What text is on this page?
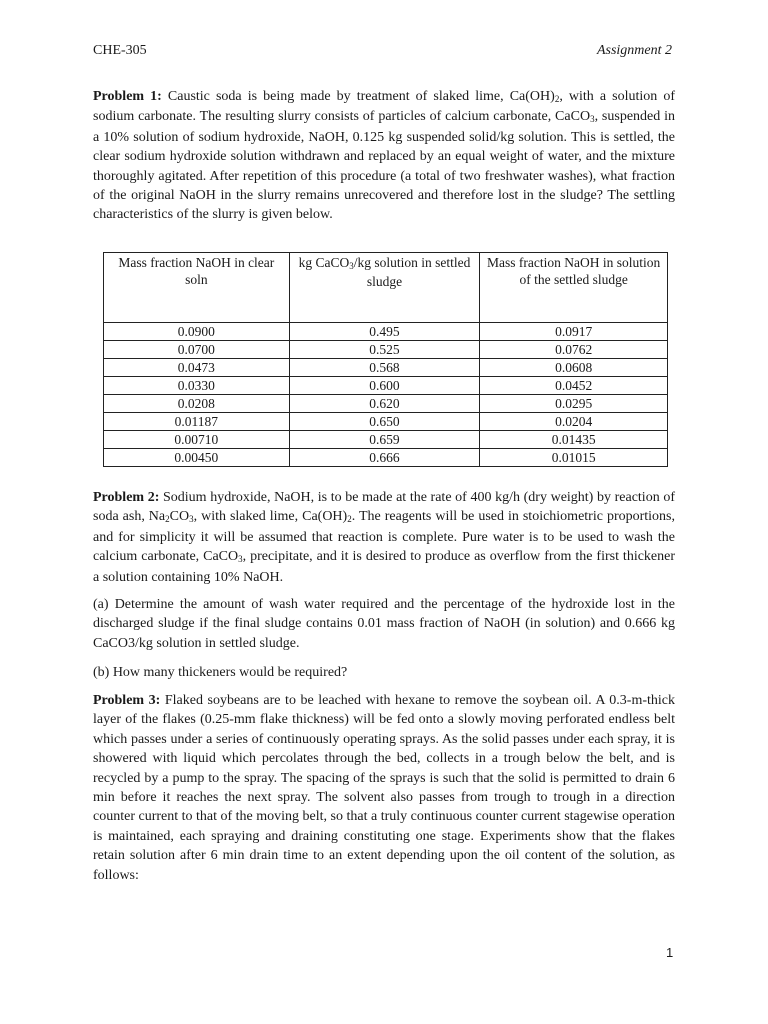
CHE-305	Assignment 2
Problem 1: Caustic soda is being made by treatment of slaked lime, $Ca(OH)_2$, with a solution of sodium carbonate. The resulting slurry consists of particles of calcium carbonate, CaCO$_3$, suspended in a 10% solution of sodium hydroxide, NaOH, 0.125 kg suspended solid/kg solution. This is settled, the clear sodium hydroxide solution withdrawn and replaced by an equal weight of water, and the mixture thoroughly agitated. After repetition of this procedure (a total of two freshwater washes), what fraction of the original NaOH in the slurry remains unrecovered and therefore lost in the sludge? The settling characteristics of the slurry is given below.
Mass fraction NaOH in clear soln	kg CaCO$_3$/kg solution in settled sludge	Mass fraction NaOH in solution of the settled sludge
0.0900	0.495	0.0917
0.0700	0.525	0.0762
0.0473	0.568	0.0608
0.0330	0.600	0.0452
0.0208	0.620	0.0295
0.01187	0.650	0.0204
0.00710	0.659	0.01435
0.00450	0.666	0.01015
Problem 2: Sodium hydroxide, NaOH, is to be made at the rate of 400 kg/h (dry weight) by reaction of soda ash, $Na_2CO_3$, with slaked lime, $Ca(OH)_2$. The reagents will be used in stoichiometric proportions, and for simplicity it will be assumed that reaction is complete. Pure water is to be used to wash the calcium carbonate, CaCO$_3$, precipitate, and it is desired to produce as overflow from the first thickener a solution containing 10% NaOH.
(a) Determine the amount of wash water required and the percentage of the hydroxide lost in the discharged sludge if the final sludge contains 0.01 mass fraction of NaOH (in solution) and 0.666 kg CaCO3/kg solution in settled sludge.
(b) How many thickeners would be required?
Problem 3: Flaked soybeans are to be leached with hexane to remove the soybean oil. A 0.3-m-thick layer of the flakes (0.25-mm flake thickness) will be fed onto a slowly moving perforated endless belt which passes under a series of continuously operating sprays. As the solid passes under each spray, it is showered with liquid which percolates through the bed, collects in a trough below the belt, and is recycled by a pump to the spray. The spacing of the sprays is such that the solid is permitted to drain 6 min before it reaches the next spray. The solvent also passes from trough to trough in a direction counter current to that of the moving belt, so that a truly continuous counter current stagewise operation is maintained, each spraying and draining constituting one stage. Experiments show that the flakes retain solution after 6 min drain time to an extent depending upon the oil content of the solution, as follows:
1
